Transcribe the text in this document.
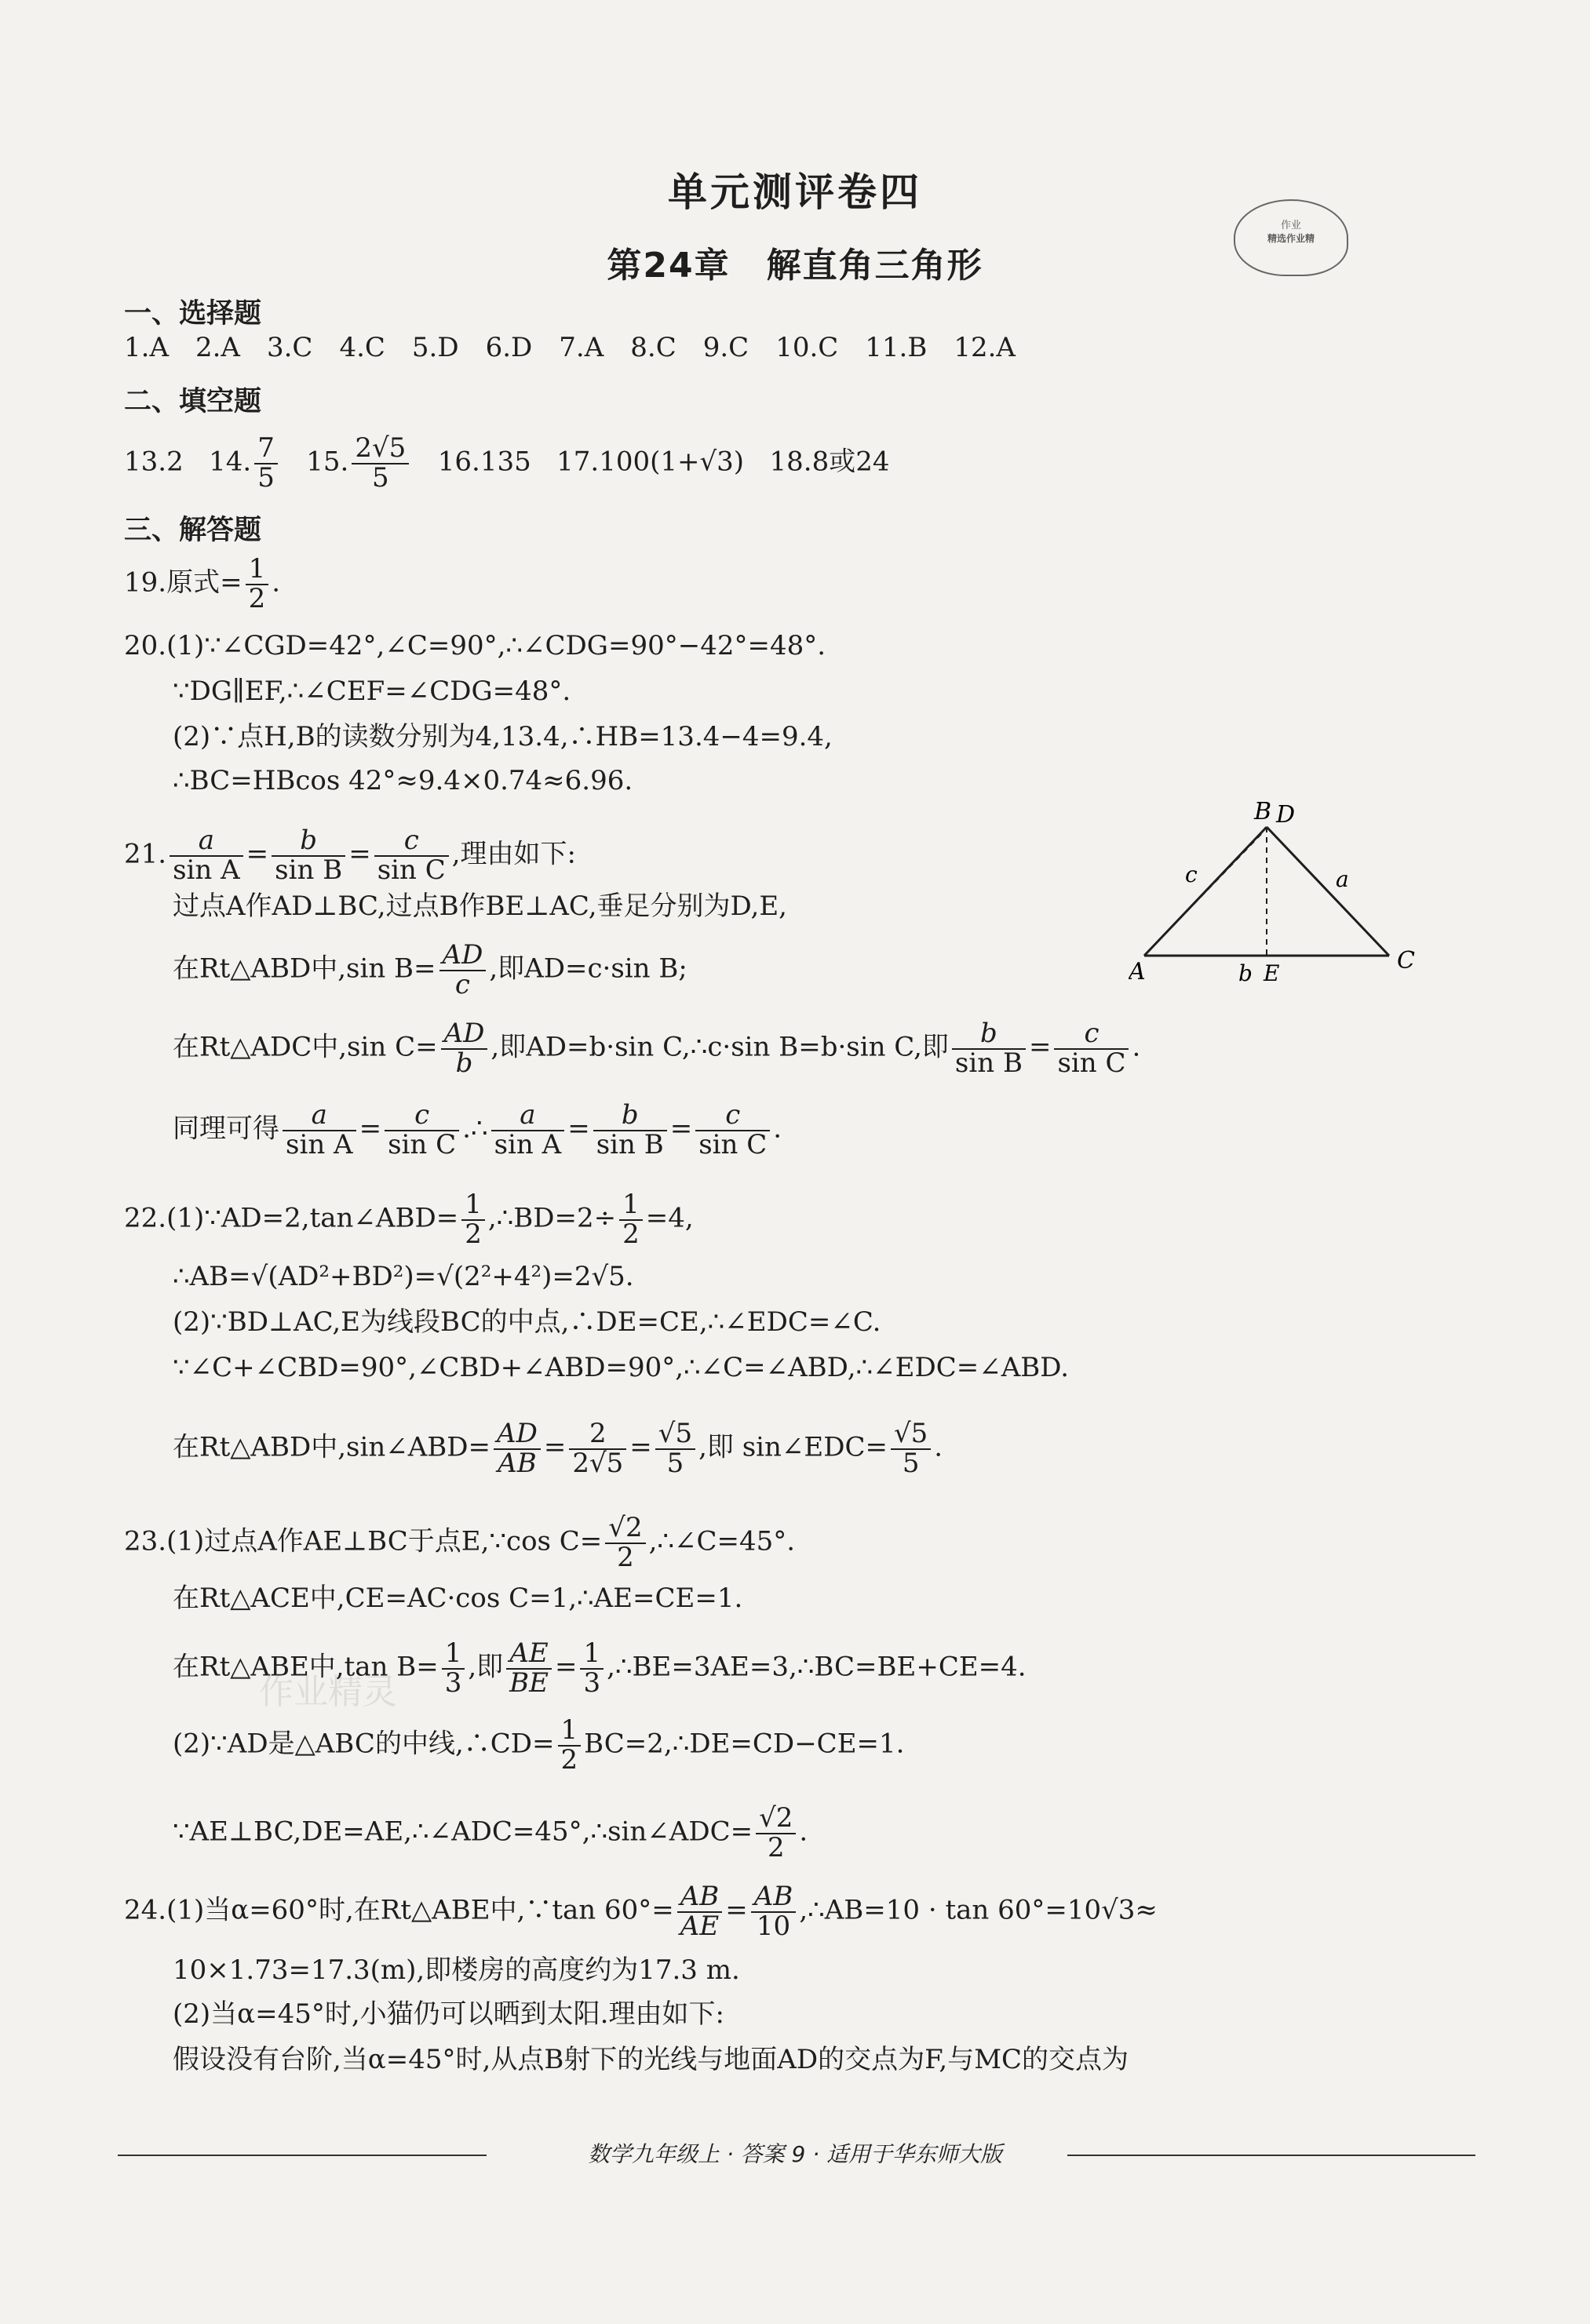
单元测评卷四
第24章　解直角三角形
作业
精选作业精
一、选择题
1.A　2.A　3.C　4.C　5.D　6.D　7.A　8.C　9.C　10.C　11.B　12.A
二、填空题
13.2 14. $\frac{7}{5} 15$. $\frac{2√5}{5} 16.135$ 17.100(1+√3) 18.8或24
三、解答题
19.原式= $\frac{1}{2}$ .
20.(1)∵∠CGD=42°,∠C=90°,∴∠CDG=90°−42°=48°.
∵DG∥EF,∴∠CEF=∠CDG=48°.
(2)∵点H,B的读数分别为4,13.4,∴HB=13.4−4=9.4,
∴BC=HBcos 42°≈9.4×0.74≈6.96.
21. $\frac{a}{\text{sin A}} = \frac{b}{\text{sin B}} = \frac{c}{\text{sin C}}$ ,理由如下:
过点A作AD⊥BC,过点B作BE⊥AC,垂足分别为D,E,
在Rt△ABD中,sin $B= \frac{AD}{c}$ ,即AD=c·sin B;
在Rt△ADC中,sin $C= \frac{AD}{b}$ ,即AD=b·sin C,∴c·sin B=b·sin C,即 $\frac{b}{\text{sin B}} = \frac{c}{\text{sin C}}$ .
同理可得 $\frac{a}{\text{sin A}} = \frac{c}{\text{sin C}}$ .∴ $\frac{a}{\text{sin A}} = \frac{b}{\text{sin B}} = \frac{c}{\text{sin C}}$ .
B D
A	C
a
b
c
E
22.(1)∵AD=2,tan∠ABD= $\frac{1}{2}$ ,∴BD=2÷ $\frac{1}{2} =4$,
∴AB=√(AD²+BD²)=√(2²+4²)=2√5.
(2)∵BD⊥AC,E为线段BC的中点,∴DE=CE,∴∠EDC=∠C.
∵∠C+∠CBD=90°,∠CBD+∠ABD=90°,∴∠C=∠ABD,∴∠EDC=∠ABD.
在Rt△ABD中,sin∠ABD= $\frac{AD}{AB} = \frac{2}{2√5} = \frac{√5}{5}$ ,即 sin∠EDC= $\frac{√5}{5}$ .
23.(1)过点A作AE⊥BC于点E,∵cos $C= \frac{√2}{2}$ ,∴∠C=45°.
在Rt△ACE中,CE=AC·cos C=1,∴AE=CE=1.
在Rt△ABE中,tan $B= \frac{1}{3}$ ,即 $\frac{AE}{BE} = \frac{1}{3}$ ,∴BE=3AE=3,∴BC=BE+CE=4.
(2)∵AD是△ABC的中线,∴CD= $\frac{1}{2}$ BC=2,∴DE=CD−CE=1.
∵AE⊥BC,DE=AE,∴∠ADC=45°,∴sin∠ADC= $\frac{√2}{2}$ .
24.(1)当α=60°时,在Rt△ABE中,∵tan $60^\circ= \frac{AB}{AE} = \frac{AB}{10}$ ,∴AB=10 · tan 60°=10√3≈
10×1.73=17.3(m),即楼房的高度约为17.3 m.
(2)当α=45°时,小猫仍可以晒到太阳.理由如下:
假设没有台阶,当α=45°时,从点B射下的光线与地面AD的交点为F,与MC的交点为
作业精灵
数学九年级上 · 答案 9 · 适用于华东师大版
